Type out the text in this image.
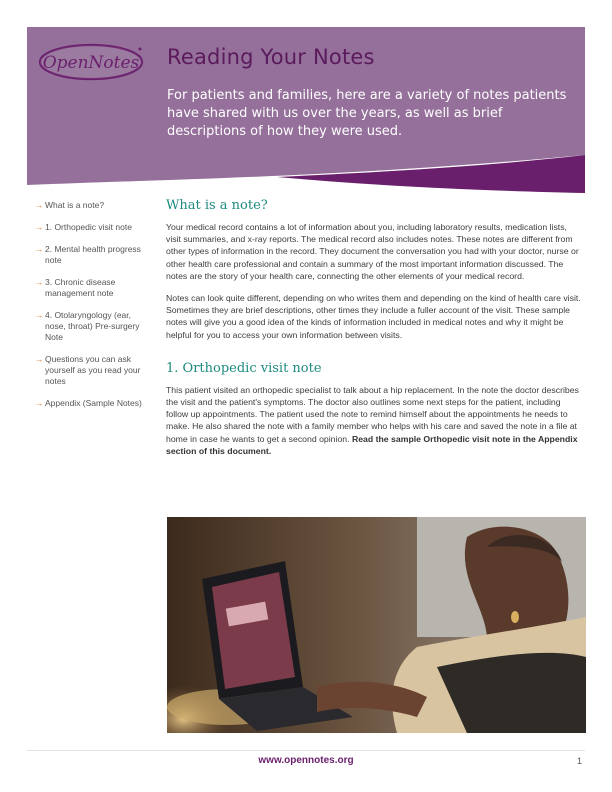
OpenNotes Reading Your Notes
For patients and families, here are a variety of notes patients have shared with us over the years, as well as brief descriptions of how they were used.
→ What is a note?
→ 1. Orthopedic visit note
→ 2. Mental health progress note
→ 3. Chronic disease management note
→ 4. Otolaryngology (ear, nose, throat) Pre-surgery Note
→ Questions you can ask yourself as you read your notes
→ Appendix (Sample Notes)
What is a note?

Your medical record contains a lot of information about you, including laboratory results, medication lists, visit summaries, and x-ray reports. The medical record also includes notes. These notes are different from other types of information in the record. They document the conversation you had with your doctor, nurse or other health care professional and contain a summary of the most important information discussed. The notes are the story of your health care, connecting the other elements of your medical record.

Notes can look quite different, depending on who writes them and depending on the kind of health care visit. Sometimes they are brief descriptions, other times they include a fuller account of the visit. These sample notes will give you a good idea of the kinds of information included in medical notes and why it might be helpful for you to access your own information between visits.

1. Orthopedic visit note

This patient visited an orthopedic specialist to talk about a hip replacement. In the note the doctor describes the visit and the patient's symptoms. The doctor also outlines some next steps for the patient, including follow up appointments. The patient used the note to remind himself about the appointments he needs to make. He also shared the note with a family member who helps with his care and saved the note in a file at home in case he wants to get a second opinion. Read the sample Orthopedic visit note in the Appendix section of this document.

www.opennotes.org	1
